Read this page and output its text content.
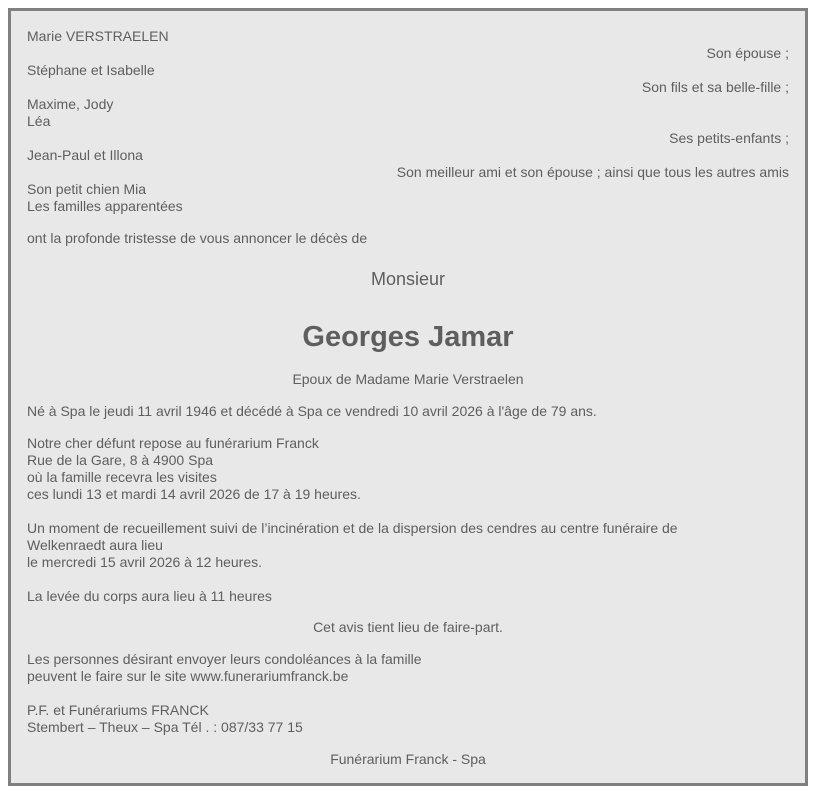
Marie VERSTRAELEN
Son épouse ;
Stéphane et Isabelle
Son fils et sa belle-fille ;
Maxime, Jody
Léa
Ses petits-enfants ;
Jean-Paul et Illona
Son meilleur ami et son épouse ; ainsi que tous les autres amis
Son petit chien Mia
Les familles apparentées
ont la profonde tristesse de vous annoncer le décès de
Monsieur
Georges Jamar
Epoux de Madame Marie Verstraelen
Né à Spa le jeudi 11 avril 1946 et décédé à Spa ce vendredi 10 avril 2026 à l'âge de 79 ans.
Notre cher défunt repose au funérarium Franck
Rue de la Gare, 8 à 4900 Spa
où la famille recevra les visites
ces lundi 13 et mardi 14 avril 2026 de 17 à 19 heures.
Un moment de recueillement suivi de l’incinération et de la dispersion des cendres au centre funéraire de
Welkenraedt aura lieu
le mercredi 15 avril 2026 à 12 heures.
La levée du corps aura lieu à 11 heures
Cet avis tient lieu de faire-part.
Les personnes désirant envoyer leurs condoléances à la famille
peuvent le faire sur le site www.funerariumfranck.be
P.F. et Funérariums FRANCK
Stembert – Theux – Spa Tél . : 087/33 77 15
Funérarium Franck - Spa
